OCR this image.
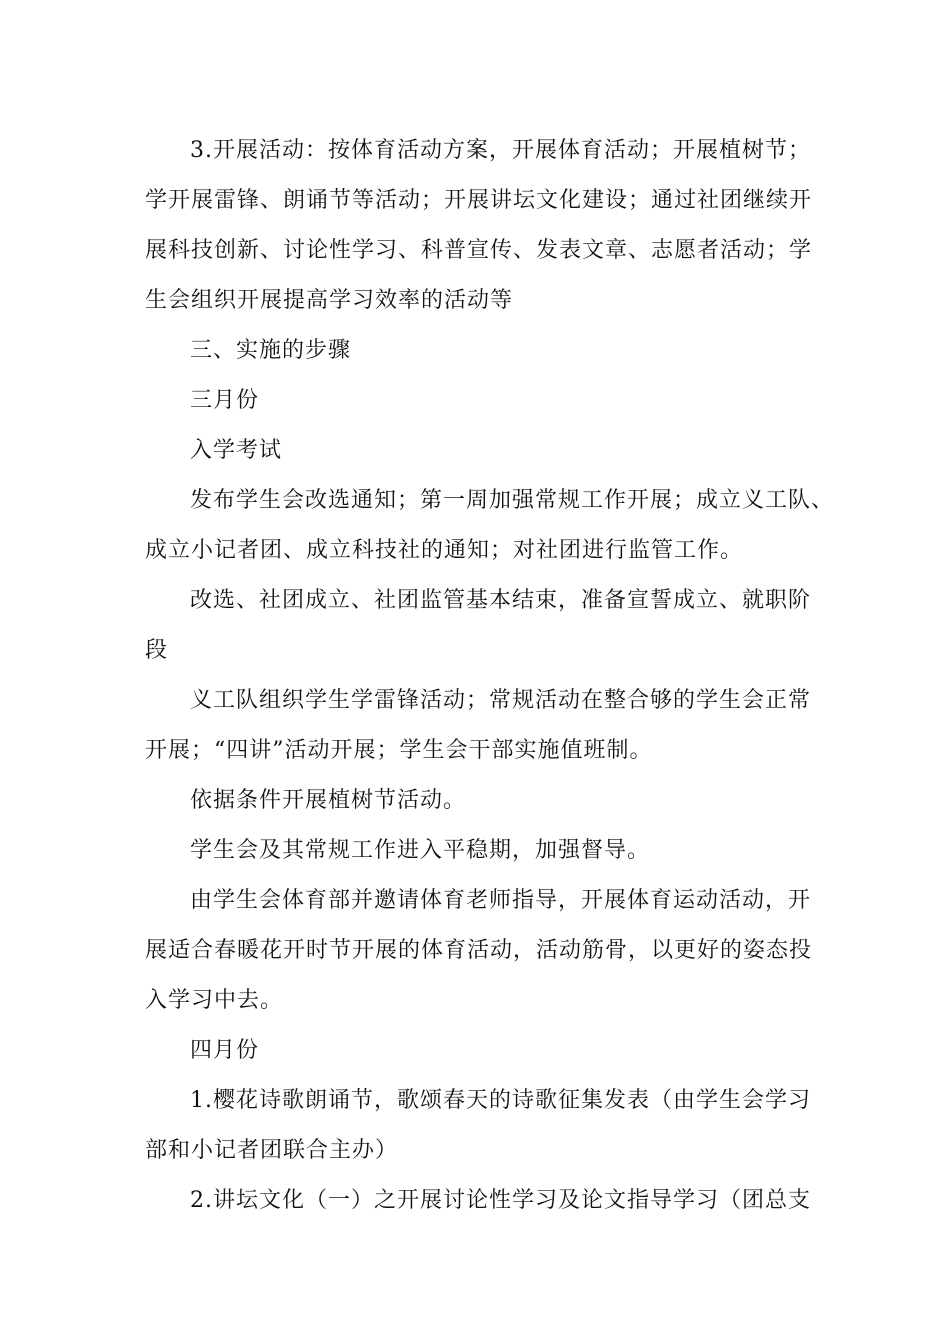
3.开展活动：按体育活动方案，开展体育活动；开展植树节；
学开展雷锋、朗诵节等活动；开展讲坛文化建设；通过社团继续开
展科技创新、讨论性学习、科普宣传、发表文章、志愿者活动；学
生会组织开展提高学习效率的活动等
三、实施的步骤
三月份
入学考试
发布学生会改选通知；第一周加强常规工作开展；成立义工队、
成立小记者团、成立科技社的通知；对社团进行监管工作。
改选、社团成立、社团监管基本结束，准备宣誓成立、就职阶
段
义工队组织学生学雷锋活动；常规活动在整合够的学生会正常
开展；“四讲”活动开展；学生会干部实施值班制。
依据条件开展植树节活动。
学生会及其常规工作进入平稳期，加强督导。
由学生会体育部并邀请体育老师指导，开展体育运动活动，开
展适合春暖花开时节开展的体育活动，活动筋骨，以更好的姿态投
入学习中去。
四月份
1.樱花诗歌朗诵节，歌颂春天的诗歌征集发表（由学生会学习
部和小记者团联合主办）
2.讲坛文化（一）之开展讨论性学习及论文指导学习（团总支
